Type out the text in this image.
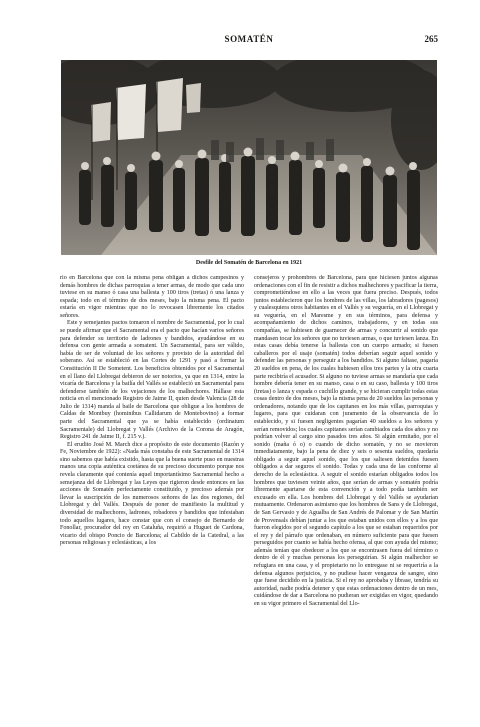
SOMATÉN	265
Desfile del Somatén de Barcelona en 1921

rio en Barcelona que con la misma pena obligan a dichos campesinos y demás hombres de dichas parroquias a tener armas, de modo que cada uno tuviese en su manso ó casa una ballesta y 100 tiros (tretas) ó una lanza y espada; todo en el término de dos meses, bajo la misma pena. El pacto estaría en vigor mientras que no lo revocasen libremente los citados señores.

Este y semejantes pactos tomaron el nombre de Sacramental, por lo cual se puede afirmar que el Sacramental era el pacto que hacían varios señores para defender su territorio de ladrones y bandidos, ayudándose en su defensa con gente armada a somatent. Un Sacramental, para ser válido, había de ser de voluntad de los señores y provisto de la autoridad del soberano. Así se estableció en las Cortes de 1291 y pasó a formar la Constitución II De Sometent. Los beneficios obtenidos por el Sacramental en el llano del Llobregat debieron de ser notorios, ya que en 1314, entre la vicaría de Barcelona y la bailía del Vallés se estableció un Sacramental para defenderse también de los vejaciones de los malhechores. Hállase esta noticia en el mencionado Registro de Jaime II, quien desde Valencia (28 de Julio de 1314) manda al baile de Barcelona que obligue a los hombres de Caldas de Montbuy (hominibus Callidarum de Montebovino) a formar parte del Sacramental que ya se había establecido (ordinatum Sacramentale) del Llobregat y Vallés (Archivo de la Corona de Aragón, Registro 241 de Jaime II, f. 215 v.).

El erudito José M. March dice a propósito de este documento (Razón y Fe, Noviembre de 1922): «Nada más constaba de este Sacramental de 1314 sino sabemos que había existido, hasta que la buena suerte puso en nuestras manos una copia auténtica coetánea de su precioso documento porque nos revela claramente qué contenía aquel importantísimo Sacramental hecho a semejanza del de Llobregat y las Leyes que rigieron desde entonces en las acciones de Somatén perfectamente constituido, y precioso además por llevar la suscripción de los numerosos señores de las dos regiones, del Llobregat y del Vallés. Después de poner de manifiesto la multitud y diversidad de malhechores, ladrones, robadores y bandidos que infestaban todo aquellos lugares, hace constar que con el consejo de Bernardo de Fonollar, procurador del rey en Cataluña, requirió a Huguet de Cardona, vicario del obispo Poncio de Barcelona; al Cabildo de la Catedral, a las personas religiosas y eclesiásticas, a los

consejeros y prohombres de Barcelona, para que hiciesen juntos algunas ordenaciones con el fin de resistir a dichos malhechores y pacificar la tierra, comprometiéndose en ello a las veces que fuera preciso. Después, todos juntos establecieron que los hombres de las villas, los labradores (pagesos) y cualesquiera otros habitantes en el Vallés y su veguería, en el Llobregat y su veguería, en el Maresme y en sus términos, para defensa y acompañamiento de dichos caminos, trabajadores, y en todas sus compañías, se hubiesen de guarnecer de armas y concurrir al sonido que mandasen tocar los señores que no tuviesen armas, o que tuviesen lanza. En estas casas debía tenerse la ballesta con un cuerpo armado; si fuesen caballeros por el usaje (somatén) todos deberían seguir aquel sonido y defender las personas y perseguir a los bandidos. Si alguno faltase, pagaría 20 sueldos en pena, de los cuales hubiesen ellos tres partes y la otra cuarta parte recibiría el acusador. Si alguno no tuviese armas se mandaría que cada hombre debería tener en su manso, casa o en su caso, ballesta y 100 tiros (tretas) o lanza y espada o cuchillo grande, y se hicieran cumplir todas estas cosas dentro de dos meses, bajo la misma pena de 20 sueldos las personas y ordenadores, notando que de los capitanes en los más villas, parroquias y lugares, para que cuidaran con juramento de la observancia de lo establecido, y si fuesen negligentes pagarían 40 sueldos a los señores y serían removidos; los cuales capitanes serían cambiados cada dos años y no podrían volver al cargo sino pasados tres años. Si algún ermitaño, por el sonido (maña ó o) o cuando de dicho somatén, y no se movieron inmediatamente, bajo la pena de diez y seis o sesenta sueldos, quedaría obligado a seguir aquel sonido, que los que saliesen detenidos fuesen obligados a dar seguros el sonido. Todas y cada una de las conforme al derecho de la eclesiástica. A seguir el sonido estarían obligados todos los hombres que tuviesen veinte años, que serían de armas y somatén podría libremente apartarse de esta convención y a todo podía también ser excusado en ella. Los hombres del Llobregat y del Vallés se ayudarían mutuamente. Ordenaron asimismo que los hombres de Sans y de Llobregat, de San Gervasio y de Agualba de San Andrés de Palomar y de San Martín de Provensals debían juntar a los que estaban unidos con ellos y a los que fueron elegidos por el segundo capítulo a los que se estaban requeridos por el rey y del párrafo que ordenaban, en número suficiente para que fuesen perseguidos por cuanto se había hecho ofensa, al que con ayuda del mismo; además tenían que obedecer a los que se encontrasen fuera del término o dentro de él y muchas personas los perseguirían. Si algún malhechor se refugiara en una casa, y el propietario no lo entregase ni se requeriría a la defensa algunos perjuicios, y no pudiese hacer venganza de sangre, sino que fuese decidido en la justicia. Si el rey no aprobaba y librase, tendría su autoridad, nadie podría detener y que estas ordenaciones dentro de un mes, cuidándose de dar a Barcelona no pudieran ser exigidas en vigor, quedando en su vigor primero el Sacramental del Llo-
